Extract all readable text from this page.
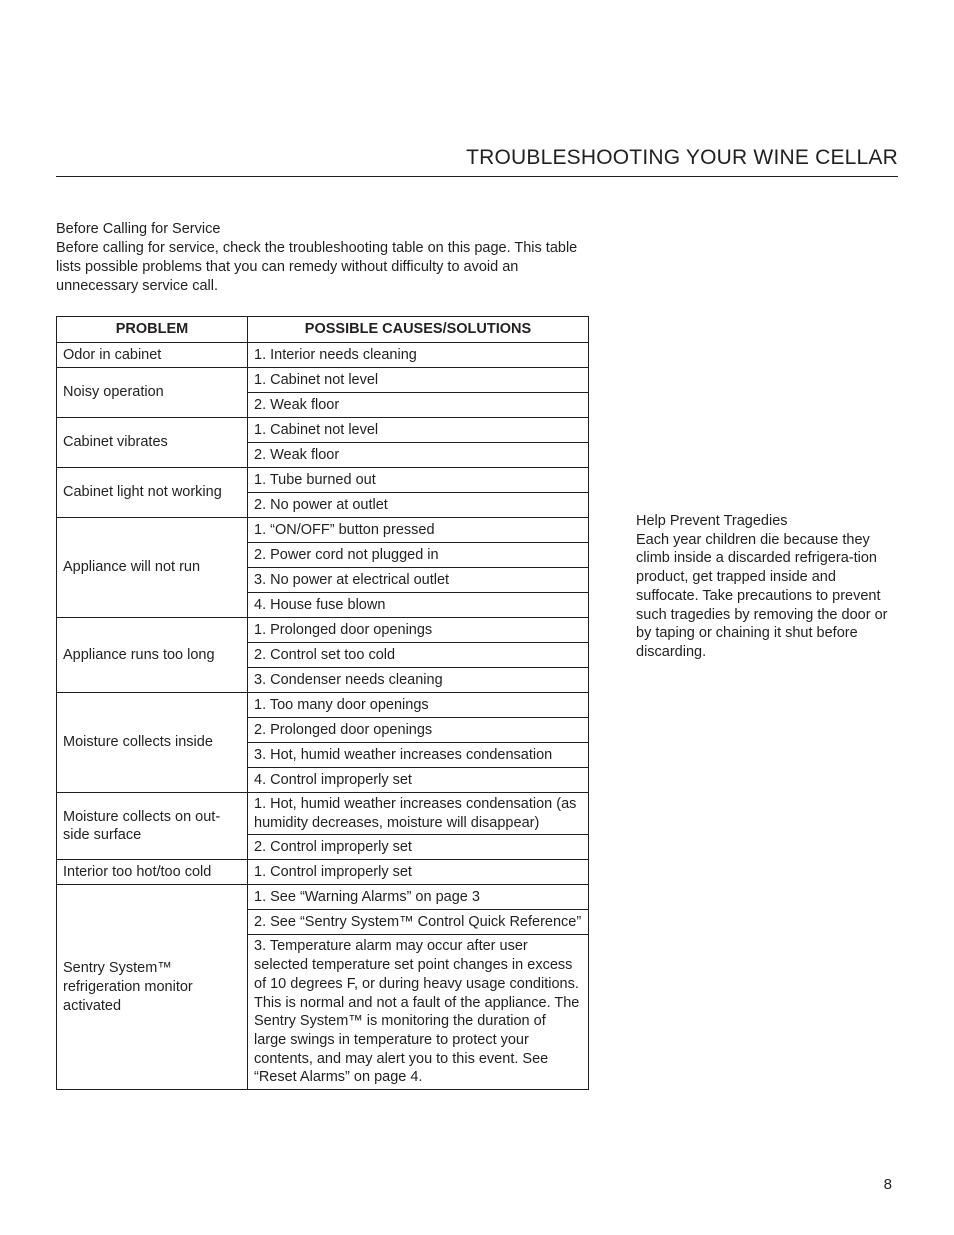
TROUBLESHOOTING YOUR WINE CELLAR
Before Calling for Service
Before calling for service, check the troubleshooting table on this page. This table lists possible problems that you can remedy without difficulty to avoid an unnecessary service call.
PROBLEM	POSSIBLE CAUSES/SOLUTIONS
Odor in cabinet	1. Interior needs cleaning
Noisy operation	1. Cabinet not level
	2. Weak floor
Cabinet vibrates	1. Cabinet not level
	2. Weak floor
Cabinet light not working	1. Tube burned out
	2. No power at outlet
Appliance will not run	1. “ON/OFF” button pressed
	2. Power cord not plugged in
	3. No power at electrical outlet
	4. House fuse blown
Appliance runs too long	1. Prolonged door openings
	2. Control set too cold
	3. Condenser needs cleaning
Moisture collects inside	1. Too many door openings
	2. Prolonged door openings
	3. Hot, humid weather increases condensation
	4. Control improperly set
Moisture collects on out-side surface	1. Hot, humid weather increases condensation (as humidity decreases, moisture will disappear)
	2. Control improperly set
Interior too hot/too cold	1. Control improperly set
Sentry System™
refrigeration monitor activated	1. See “Warning Alarms” on page 3
	2. See “Sentry System™ Control Quick Reference”
	3. Temperature alarm may occur after user selected temperature set point changes in excess of 10 degrees F, or during heavy usage conditions. This is normal and not a fault of the appliance. The Sentry System™ is monitoring the duration of large swings in temperature to protect your contents, and may alert you to this event. See “Reset Alarms” on page 4.
Help Prevent Tragedies
Each year children die because they climb inside a discarded refrigera-tion product, get trapped inside and suffocate. Take precautions to prevent such tragedies by removing the door or by taping or chaining it shut before discarding.
8
